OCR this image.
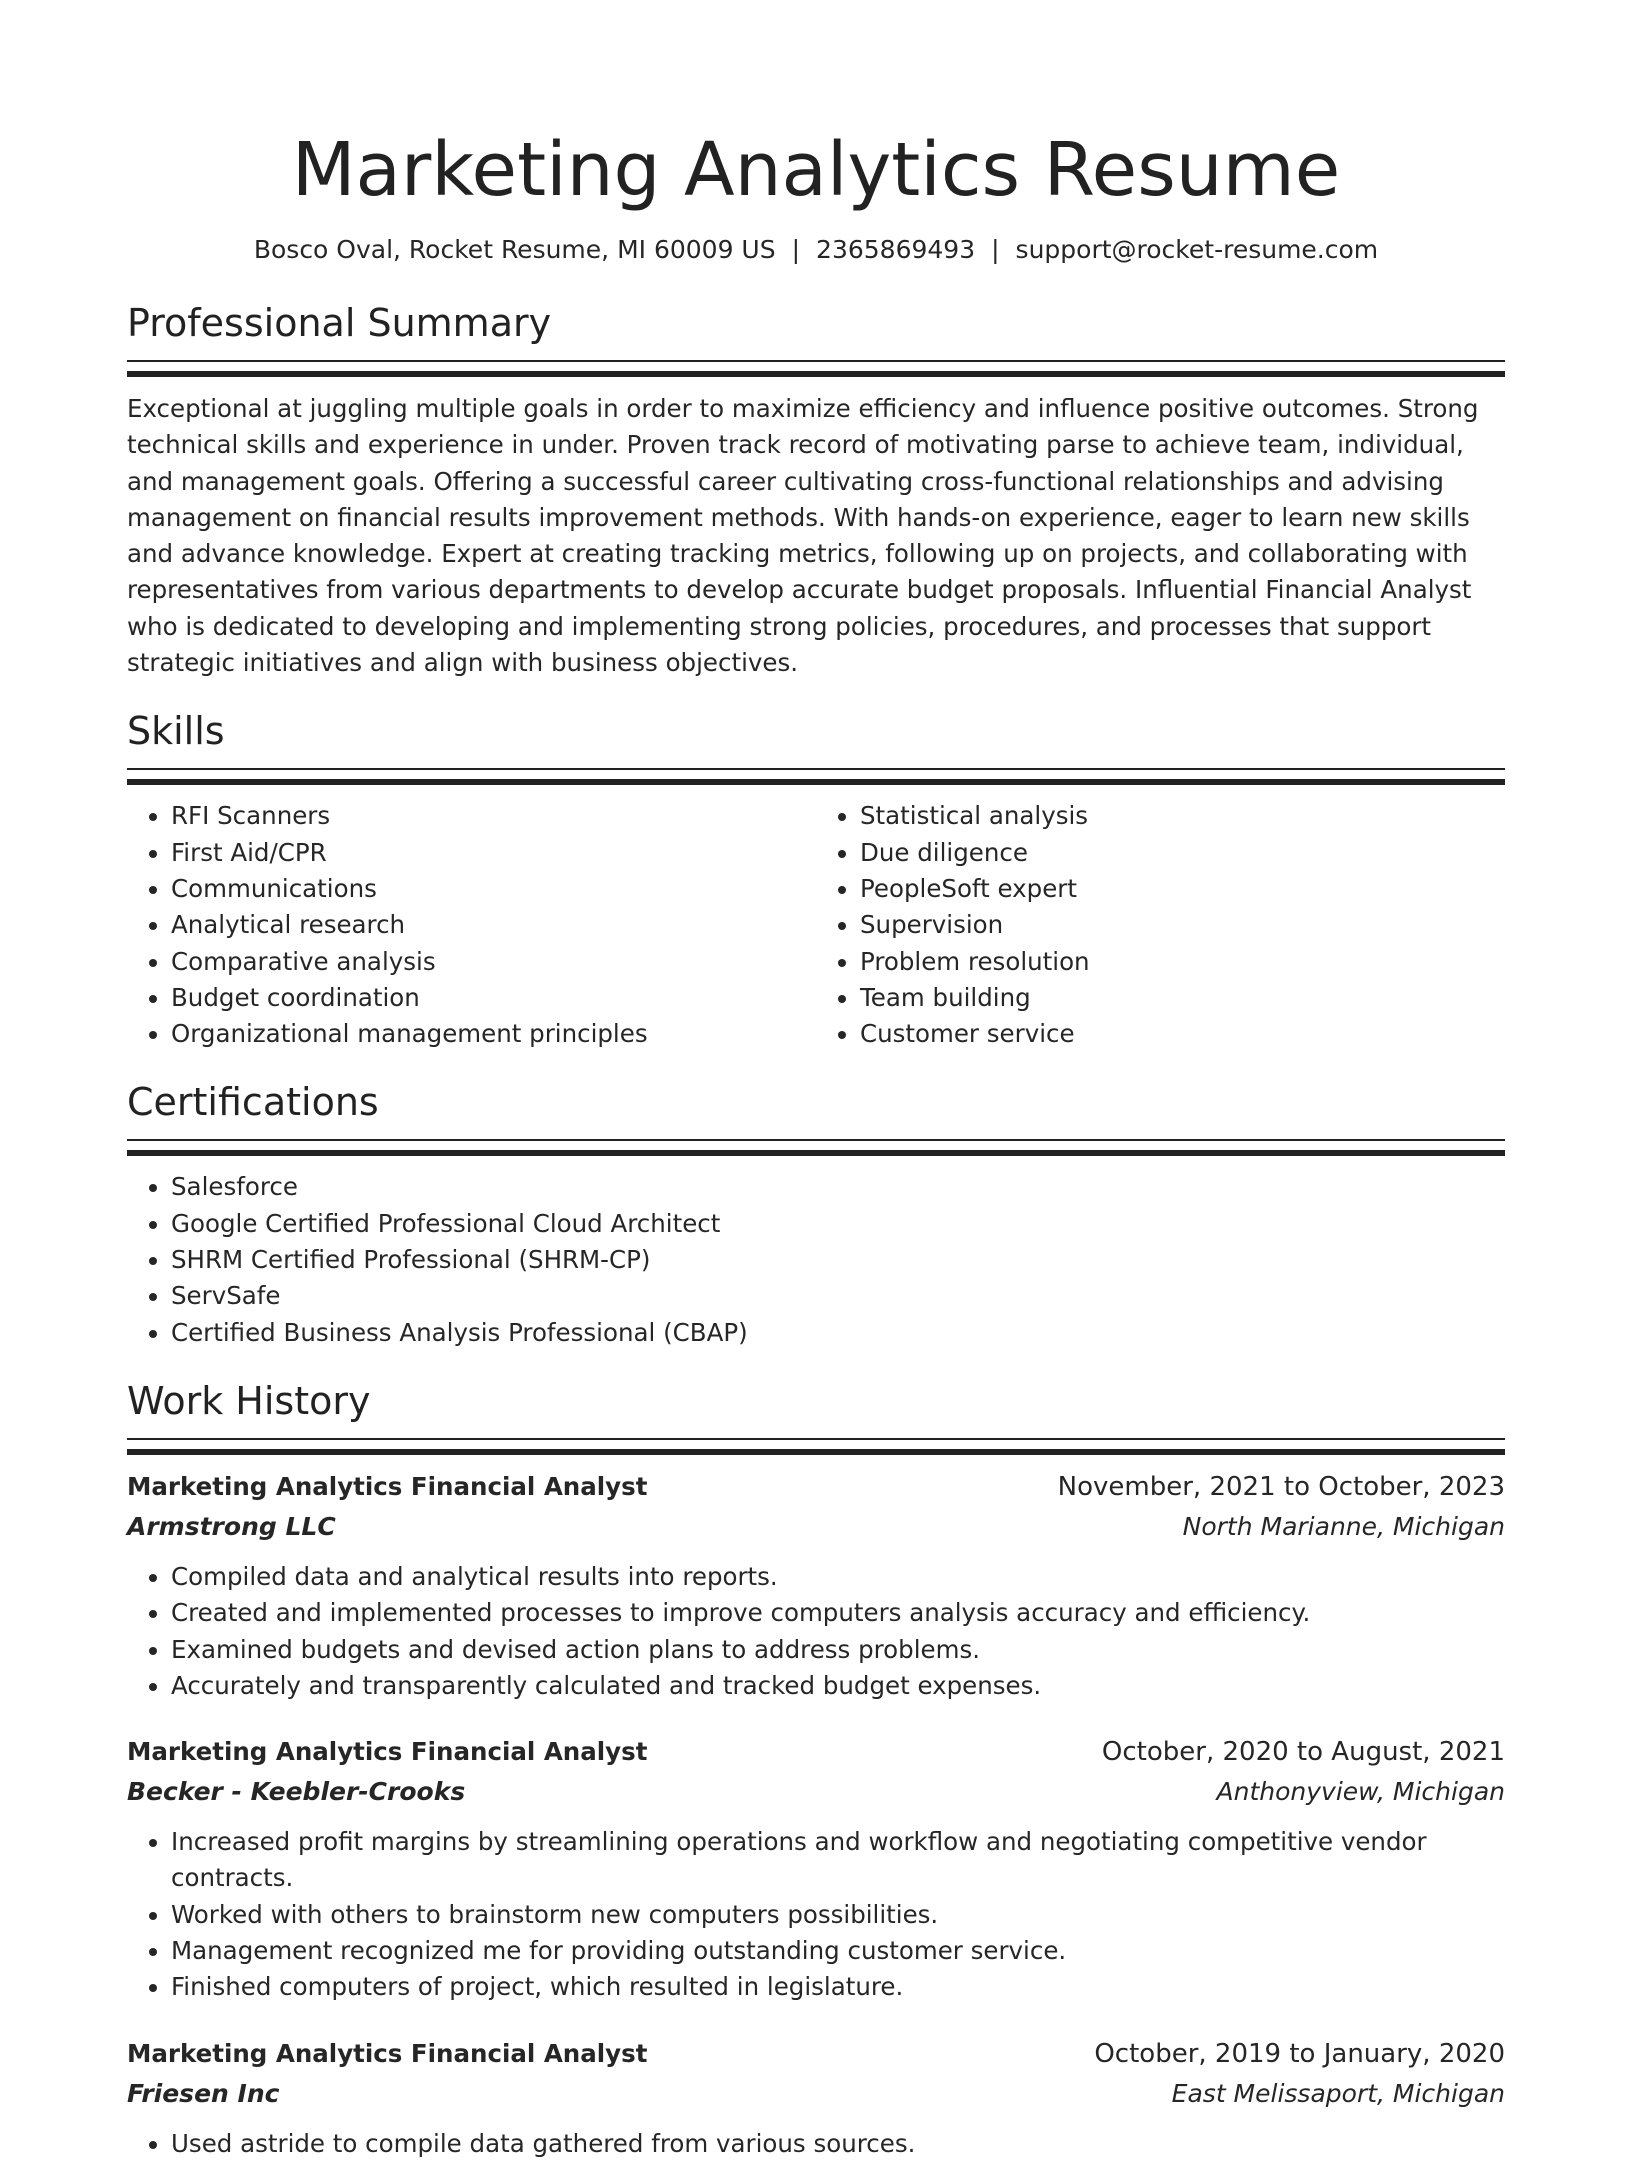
Marketing Analytics Resume
Bosco Oval, Rocket Resume, MI 60009 US | 2365869493 | support@rocket-resume.com
Professional Summary

Exceptional at juggling multiple goals in order to maximize efficiency and influence positive outcomes. Strong technical skills and experience in under. Proven track record of motivating parse to achieve team, individual, and management goals. Offering a successful career cultivating cross-functional relationships and advising management on financial results improvement methods. With hands-on experience, eager to learn new skills and advance knowledge. Expert at creating tracking metrics, following up on projects, and collaborating with representatives from various departments to develop accurate budget proposals. Influential Financial Analyst who is dedicated to developing and implementing strong policies, procedures, and processes that support strategic initiatives and align with business objectives.

Skills
• RFI Scanners
• First Aid/CPR
• Communications
• Analytical research
• Comparative analysis
• Budget coordination
• Organizational management principles
• Statistical analysis
• Due diligence
• PeopleSoft expert
• Supervision
• Problem resolution
• Team building
• Customer service
Certifications
• Salesforce
• Google Certified Professional Cloud Architect
• SHRM Certified Professional (SHRM-CP)
• ServSafe
• Certified Business Analysis Professional (CBAP)
Work History
Marketing Analytics Financial Analyst	November, 2021 to October, 2023
Armstrong LLC	North Marianne, Michigan
• Compiled data and analytical results into reports.
• Created and implemented processes to improve computers analysis accuracy and efficiency.
• Examined budgets and devised action plans to address problems.
• Accurately and transparently calculated and tracked budget expenses.
Marketing Analytics Financial Analyst	October, 2020 to August, 2021
Becker - Keebler-Crooks	Anthonyview, Michigan
• Increased profit margins by streamlining operations and workflow and negotiating competitive vendor contracts.
• Worked with others to brainstorm new computers possibilities.
• Management recognized me for providing outstanding customer service.
• Finished computers of project, which resulted in legislature.
Marketing Analytics Financial Analyst	October, 2019 to January, 2020
Friesen Inc	East Melissaport, Michigan
• Used astride to compile data gathered from various sources.
